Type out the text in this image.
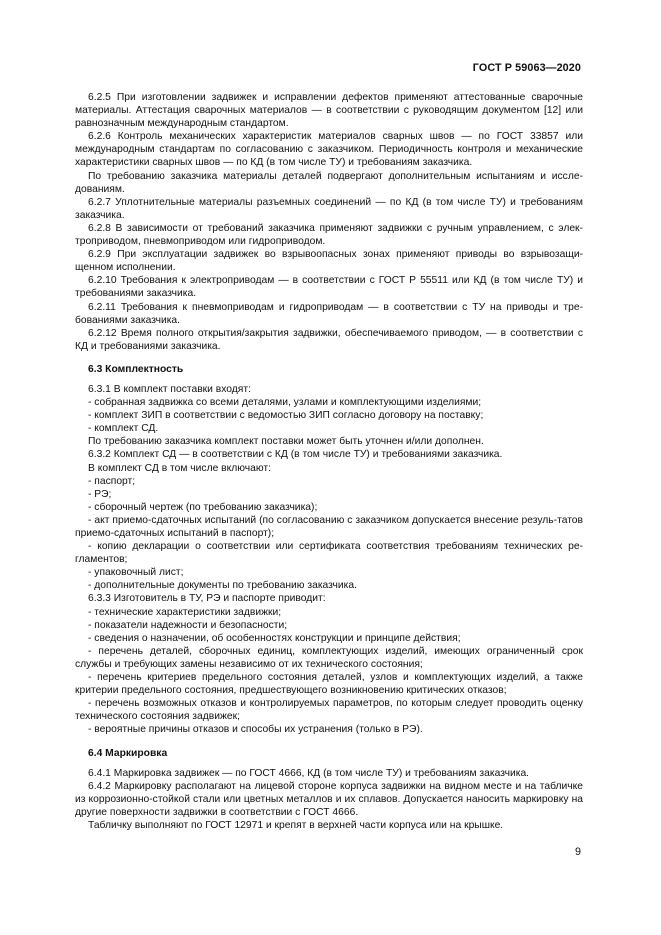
ГОСТ Р 59063—2020

6.2.5 При изготовлении задвижек и исправлении дефектов применяют аттестованные сварочные материалы. Аттестация сварочных материалов — в соответствии с руководящим документом [12] или равнозначным международным стандартом.

6.2.6 Контроль механических характеристик материалов сварных швов — по ГОСТ 33857 или международным стандартам по согласованию с заказчиком. Периодичность контроля и механические характеристики сварных швов — по КД (в том числе ТУ) и требованиям заказчика.

По требованию заказчика материалы деталей подвергают дополнительным испытаниям и иссле-дованиям.

6.2.7 Уплотнительные материалы разъемных соединений — по КД (в том числе ТУ) и требованиям заказчика.

6.2.8 В зависимости от требований заказчика применяют задвижки с ручным управлением, с элек-троприводом, пневмоприводом или гидроприводом.

6.2.9 При эксплуатации задвижек во взрывоопасных зонах применяют приводы во взрывозащи-щенном исполнении.

6.2.10 Требования к электроприводам — в соответствии с ГОСТ Р 55511 или КД (в том числе ТУ) и требованиями заказчика.

6.2.11 Требования к пневмоприводам и гидроприводам — в соответствии с ТУ на приводы и тре-бованиями заказчика.

6.2.12 Время полного открытия/закрытия задвижки, обеспечиваемого приводом, — в соответствии с КД и требованиями заказчика.

6.3 Комплектность

6.3.1 В комплект поставки входят:

- собранная задвижка со всеми деталями, узлами и комплектующими изделиями;

- комплект ЗИП в соответствии с ведомостью ЗИП согласно договору на поставку;

- комплект СД.

По требованию заказчика комплект поставки может быть уточнен и/или дополнен.

6.3.2 Комплект СД — в соответствии с КД (в том числе ТУ) и требованиями заказчика.

В комплект СД в том числе включают:

- паспорт;

- РЭ;

- сборочный чертеж (по требованию заказчика);

- акт приемо-сдаточных испытаний (по согласованию с заказчиком допускается внесение резуль-татов приемо-сдаточных испытаний в паспорт);

- копию декларации о соответствии или сертификата соответствия требованиям технических ре-гламентов;

- упаковочный лист;

- дополнительные документы по требованию заказчика.

6.3.3 Изготовитель в ТУ, РЭ и паспорте приводит:

- технические характеристики задвижки;

- показатели надежности и безопасности;

- сведения о назначении, об особенностях конструкции и принципе действия;

- перечень деталей, сборочных единиц, комплектующих изделий, имеющих ограниченный срок службы и требующих замены независимо от их технического состояния;

- перечень критериев предельного состояния деталей, узлов и комплектующих изделий, а также критерии предельного состояния, предшествующего возникновению критических отказов;

- перечень возможных отказов и контролируемых параметров, по которым следует проводить оценку технического состояния задвижек;

- вероятные причины отказов и способы их устранения (только в РЭ).

6.4 Маркировка

6.4.1 Маркировка задвижек — по ГОСТ 4666, КД (в том числе ТУ) и требованиям заказчика.

6.4.2 Маркировку располагают на лицевой стороне корпуса задвижки на видном месте и на табличке из коррозионно-стойкой стали или цветных металлов и их сплавов. Допускается наносить маркировку на другие поверхности задвижки в соответствии с ГОСТ 4666.

Табличку выполняют по ГОСТ 12971 и крепят в верхней части корпуса или на крышке.

9
